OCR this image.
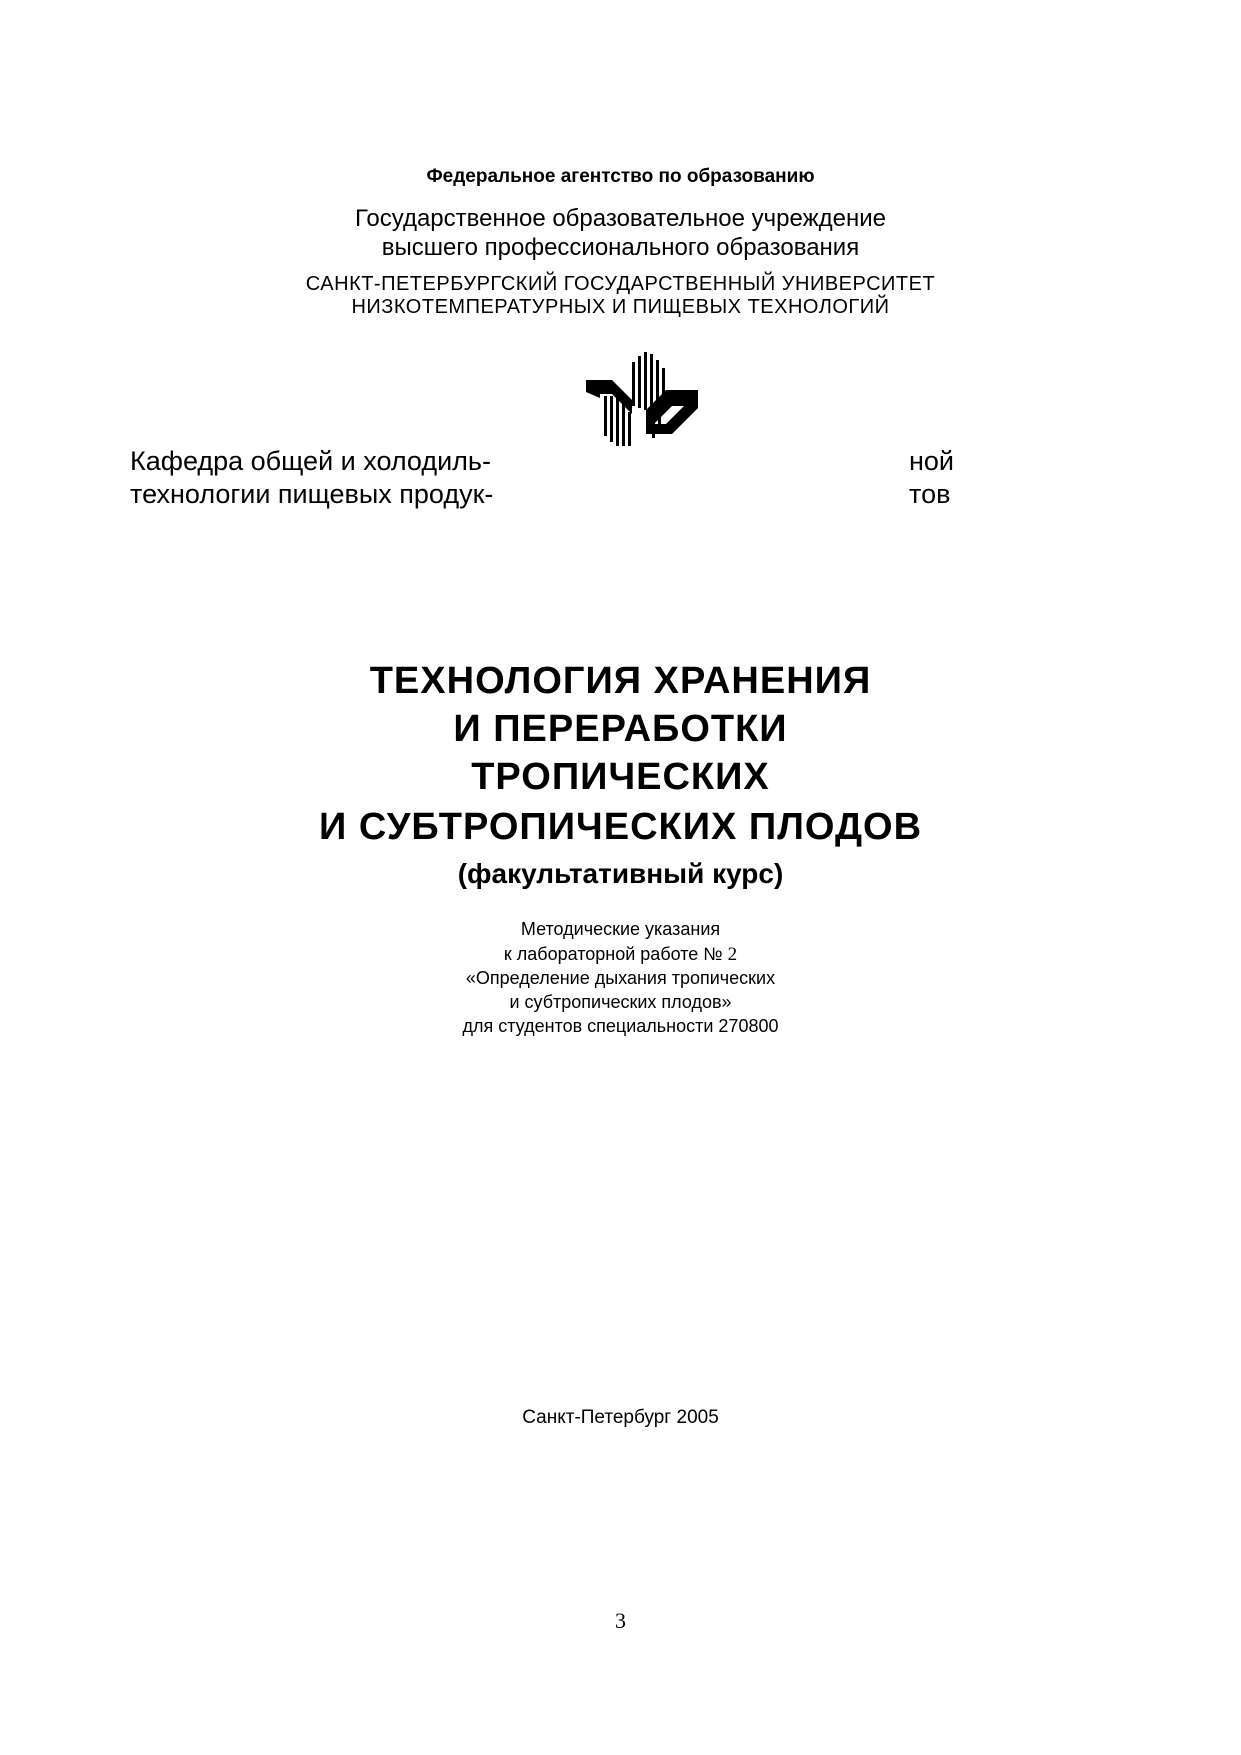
Федеральное агентство по образованию
Государственное образовательное учреждение
высшего профессионального образования
САНКТ-ПЕТЕРБУРГСКИЙ ГОСУДАРСТВЕННЫЙ УНИВЕРСИТЕТ
НИЗКОТЕМПЕРАТУРНЫХ И ПИЩЕВЫХ ТЕХНОЛОГИЙ
Кафедра общей и холодиль-	ной
технологии пищевых продук-	тов
ТЕХНОЛОГИЯ ХРАНЕНИЯ
И ПЕРЕРАБОТКИ
ТРОПИЧЕСКИХ
И СУБТРОПИЧЕСКИХ ПЛОДОВ
(факультативный курс)
Методические указания
к лабораторной работе № 2
«Определение дыхания тропических
и субтропических плодов»
для студентов специальности 270800
Санкт-Петербург 2005
3
